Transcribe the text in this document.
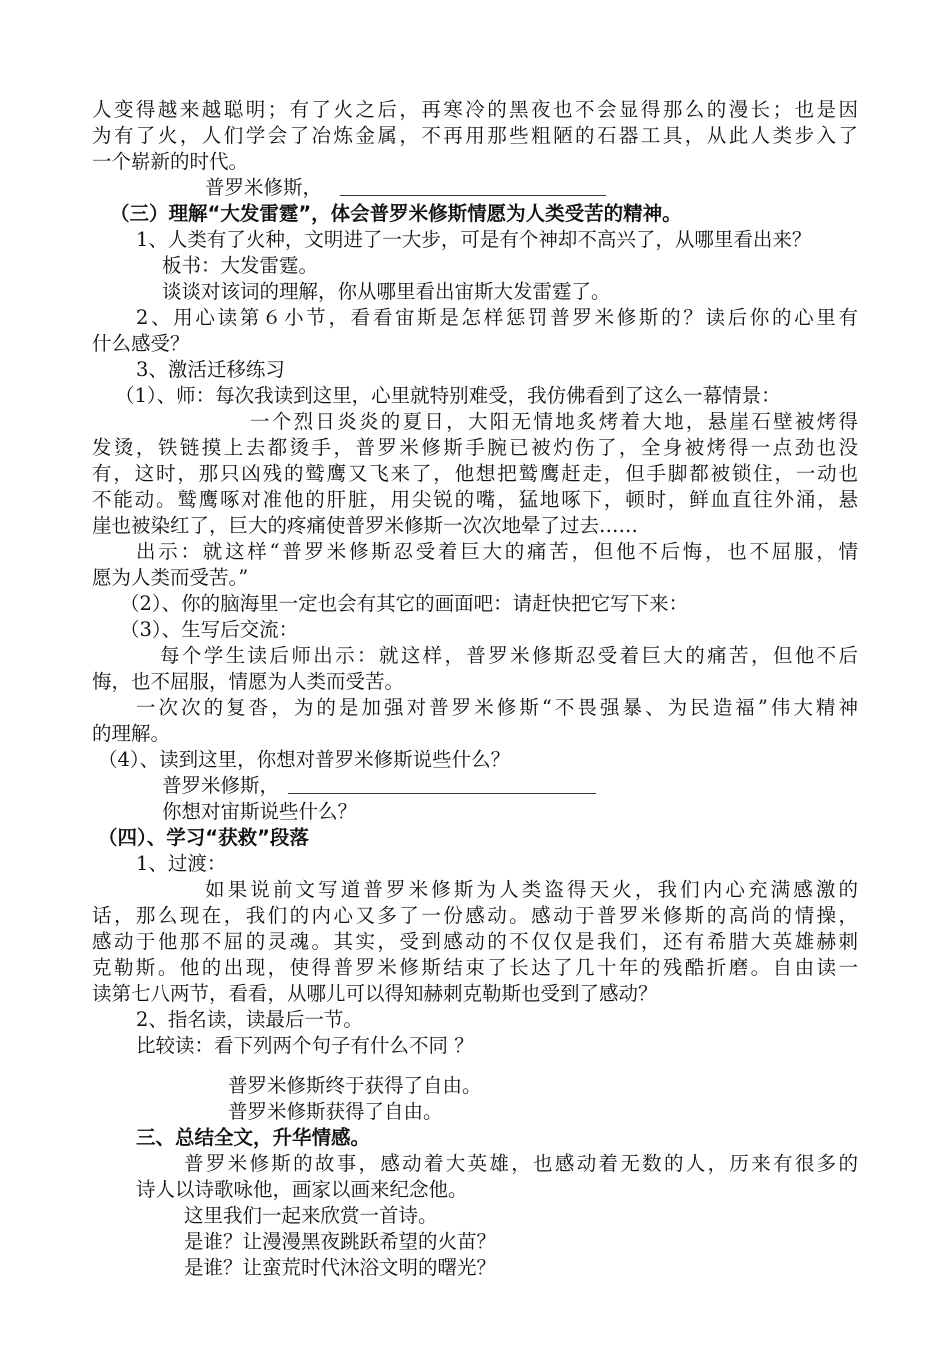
人变得越来越聪明；有了火之后，再寒冷的黑夜也不会显得那么的漫长；也是因
为有了火，人们学会了冶炼金属，不再用那些粗陋的石器工具，从此人类步入了
一个崭新的时代。
普罗米修斯，
（三）理解“大发雷霆”，体会普罗米修斯情愿为人类受苦的精神。
1、人类有了火种，文明进了一大步，可是有个神却不高兴了，从哪里看出来？
板书：大发雷霆。
谈谈对该词的理解，你从哪里看出宙斯大发雷霆了。
2、用心读第６小节，看看宙斯是怎样惩罚普罗米修斯的？读后你的心里有
什么感受？
3、激活迁移练习
（1）、师：每次我读到这里，心里就特别难受，我仿佛看到了这么一幕情景：
一个烈日炎炎的夏日，大阳无情地炙烤着大地，悬崖石壁被烤得
发烫，铁链摸上去都烫手，普罗米修斯手腕已被灼伤了，全身被烤得一点劲也没
有，这时，那只凶残的鹫鹰又飞来了，他想把鹫鹰赶走，但手脚都被锁住，一动也
不能动。鹫鹰啄对准他的肝脏，用尖锐的嘴，猛地啄下，顿时，鲜血直往外涌，悬
崖也被染红了，巨大的疼痛使普罗米修斯一次次地晕了过去……
出示：就这样“普罗米修斯忍受着巨大的痛苦，但他不后悔，也不屈服，情
愿为人类而受苦。”
（2）、你的脑海里一定也会有其它的画面吧：请赶快把它写下来：
（3）、生写后交流：
每个学生读后师出示：就这样，普罗米修斯忍受着巨大的痛苦，但他不后
悔，也不屈服，情愿为人类而受苦。
一次次的复沓，为的是加强对普罗米修斯“不畏强暴、为民造福”伟大精神
的理解。
（4）、读到这里，你想对普罗米修斯说些什么？
普罗米修斯，
你想对宙斯说些什么？
（四）、学习“获救”段落
1、过渡：
如果说前文写道普罗米修斯为人类盗得天火，我们内心充满感激的
话，那么现在，我们的内心又多了一份感动。感动于普罗米修斯的高尚的情操，
感动于他那不屈的灵魂。其实，受到感动的不仅仅是我们，还有希腊大英雄赫刺
克勒斯。他的出现，使得普罗米修斯结束了长达了几十年的残酷折磨。自由读一
读第七八两节，看看，从哪儿可以得知赫刺克勒斯也受到了感动？
2、指名读，读最后一节。
比较读：看下列两个句子有什么不同 ？
普罗米修斯终于获得了自由。
普罗米修斯获得了自由。
三、总结全文，升华情感。
普罗米修斯的故事，感动着大英雄，也感动着无数的人，历来有很多的
诗人以诗歌咏他，画家以画来纪念他。
这里我们一起来欣赏一首诗。
是谁？让漫漫黑夜跳跃希望的火苗？
是谁？让蛮荒时代沐浴文明的曙光？
